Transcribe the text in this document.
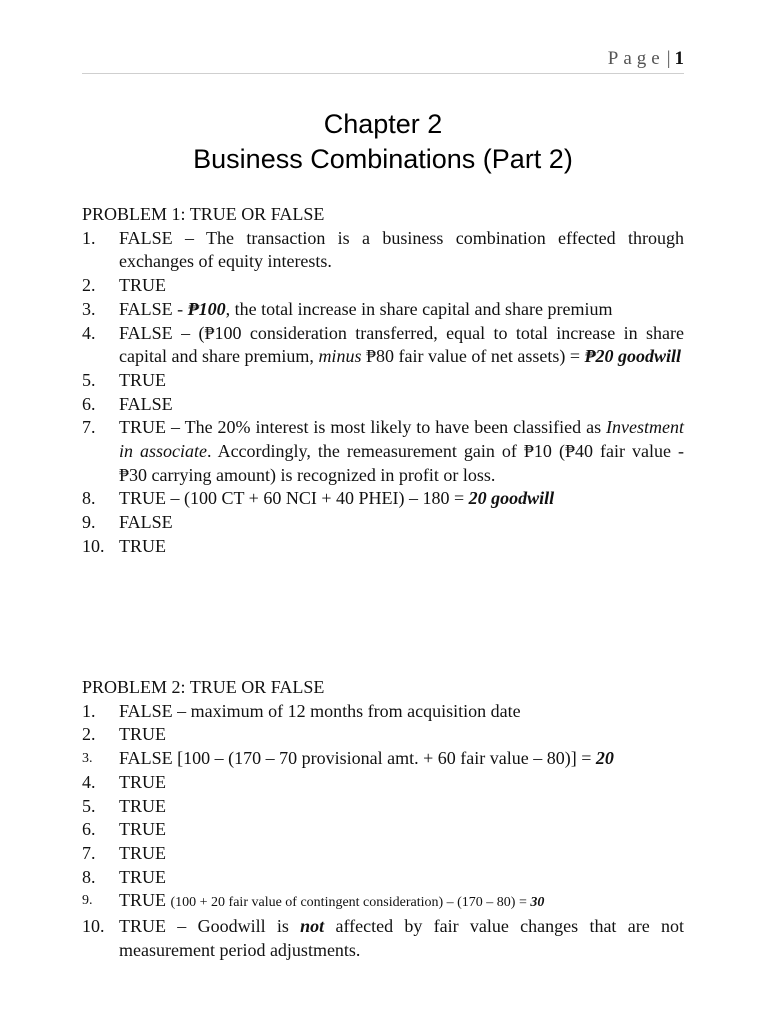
Page | 1
Chapter 2
Business Combinations (Part 2)
PROBLEM 1: TRUE OR FALSE
1.	FALSE – The transaction is a business combination effected through exchanges of equity interests.
2.	TRUE
3.	FALSE - ₱100, the total increase in share capital and share premium
4.	FALSE – (₱100 consideration transferred, equal to total increase in share capital and share premium, minus ₱80 fair value of net assets) = ₱20 goodwill
5.	TRUE
6.	FALSE
7.	TRUE – The 20% interest is most likely to have been classified as Investment in associate. Accordingly, the remeasurement gain of ₱10 (₱40 fair value - ₱30 carrying amount) is recognized in profit or loss.
8.	TRUE – (100 CT + 60 NCI + 40 PHEI) – 180 = 20 goodwill
9.	FALSE
10. TRUE
PROBLEM 2: TRUE OR FALSE
1.	FALSE – maximum of 12 months from acquisition date
2.	TRUE
3.	FALSE [100 – (170 – 70 provisional amt. + 60 fair value – 80)] = 20
4.	TRUE
5.	TRUE
6.	TRUE
7.	TRUE
8.	TRUE
9.	TRUE (100 + 20 fair value of contingent consideration) – (170 – 80) = 30
10. TRUE – Goodwill is not affected by fair value changes that are not measurement period adjustments.
